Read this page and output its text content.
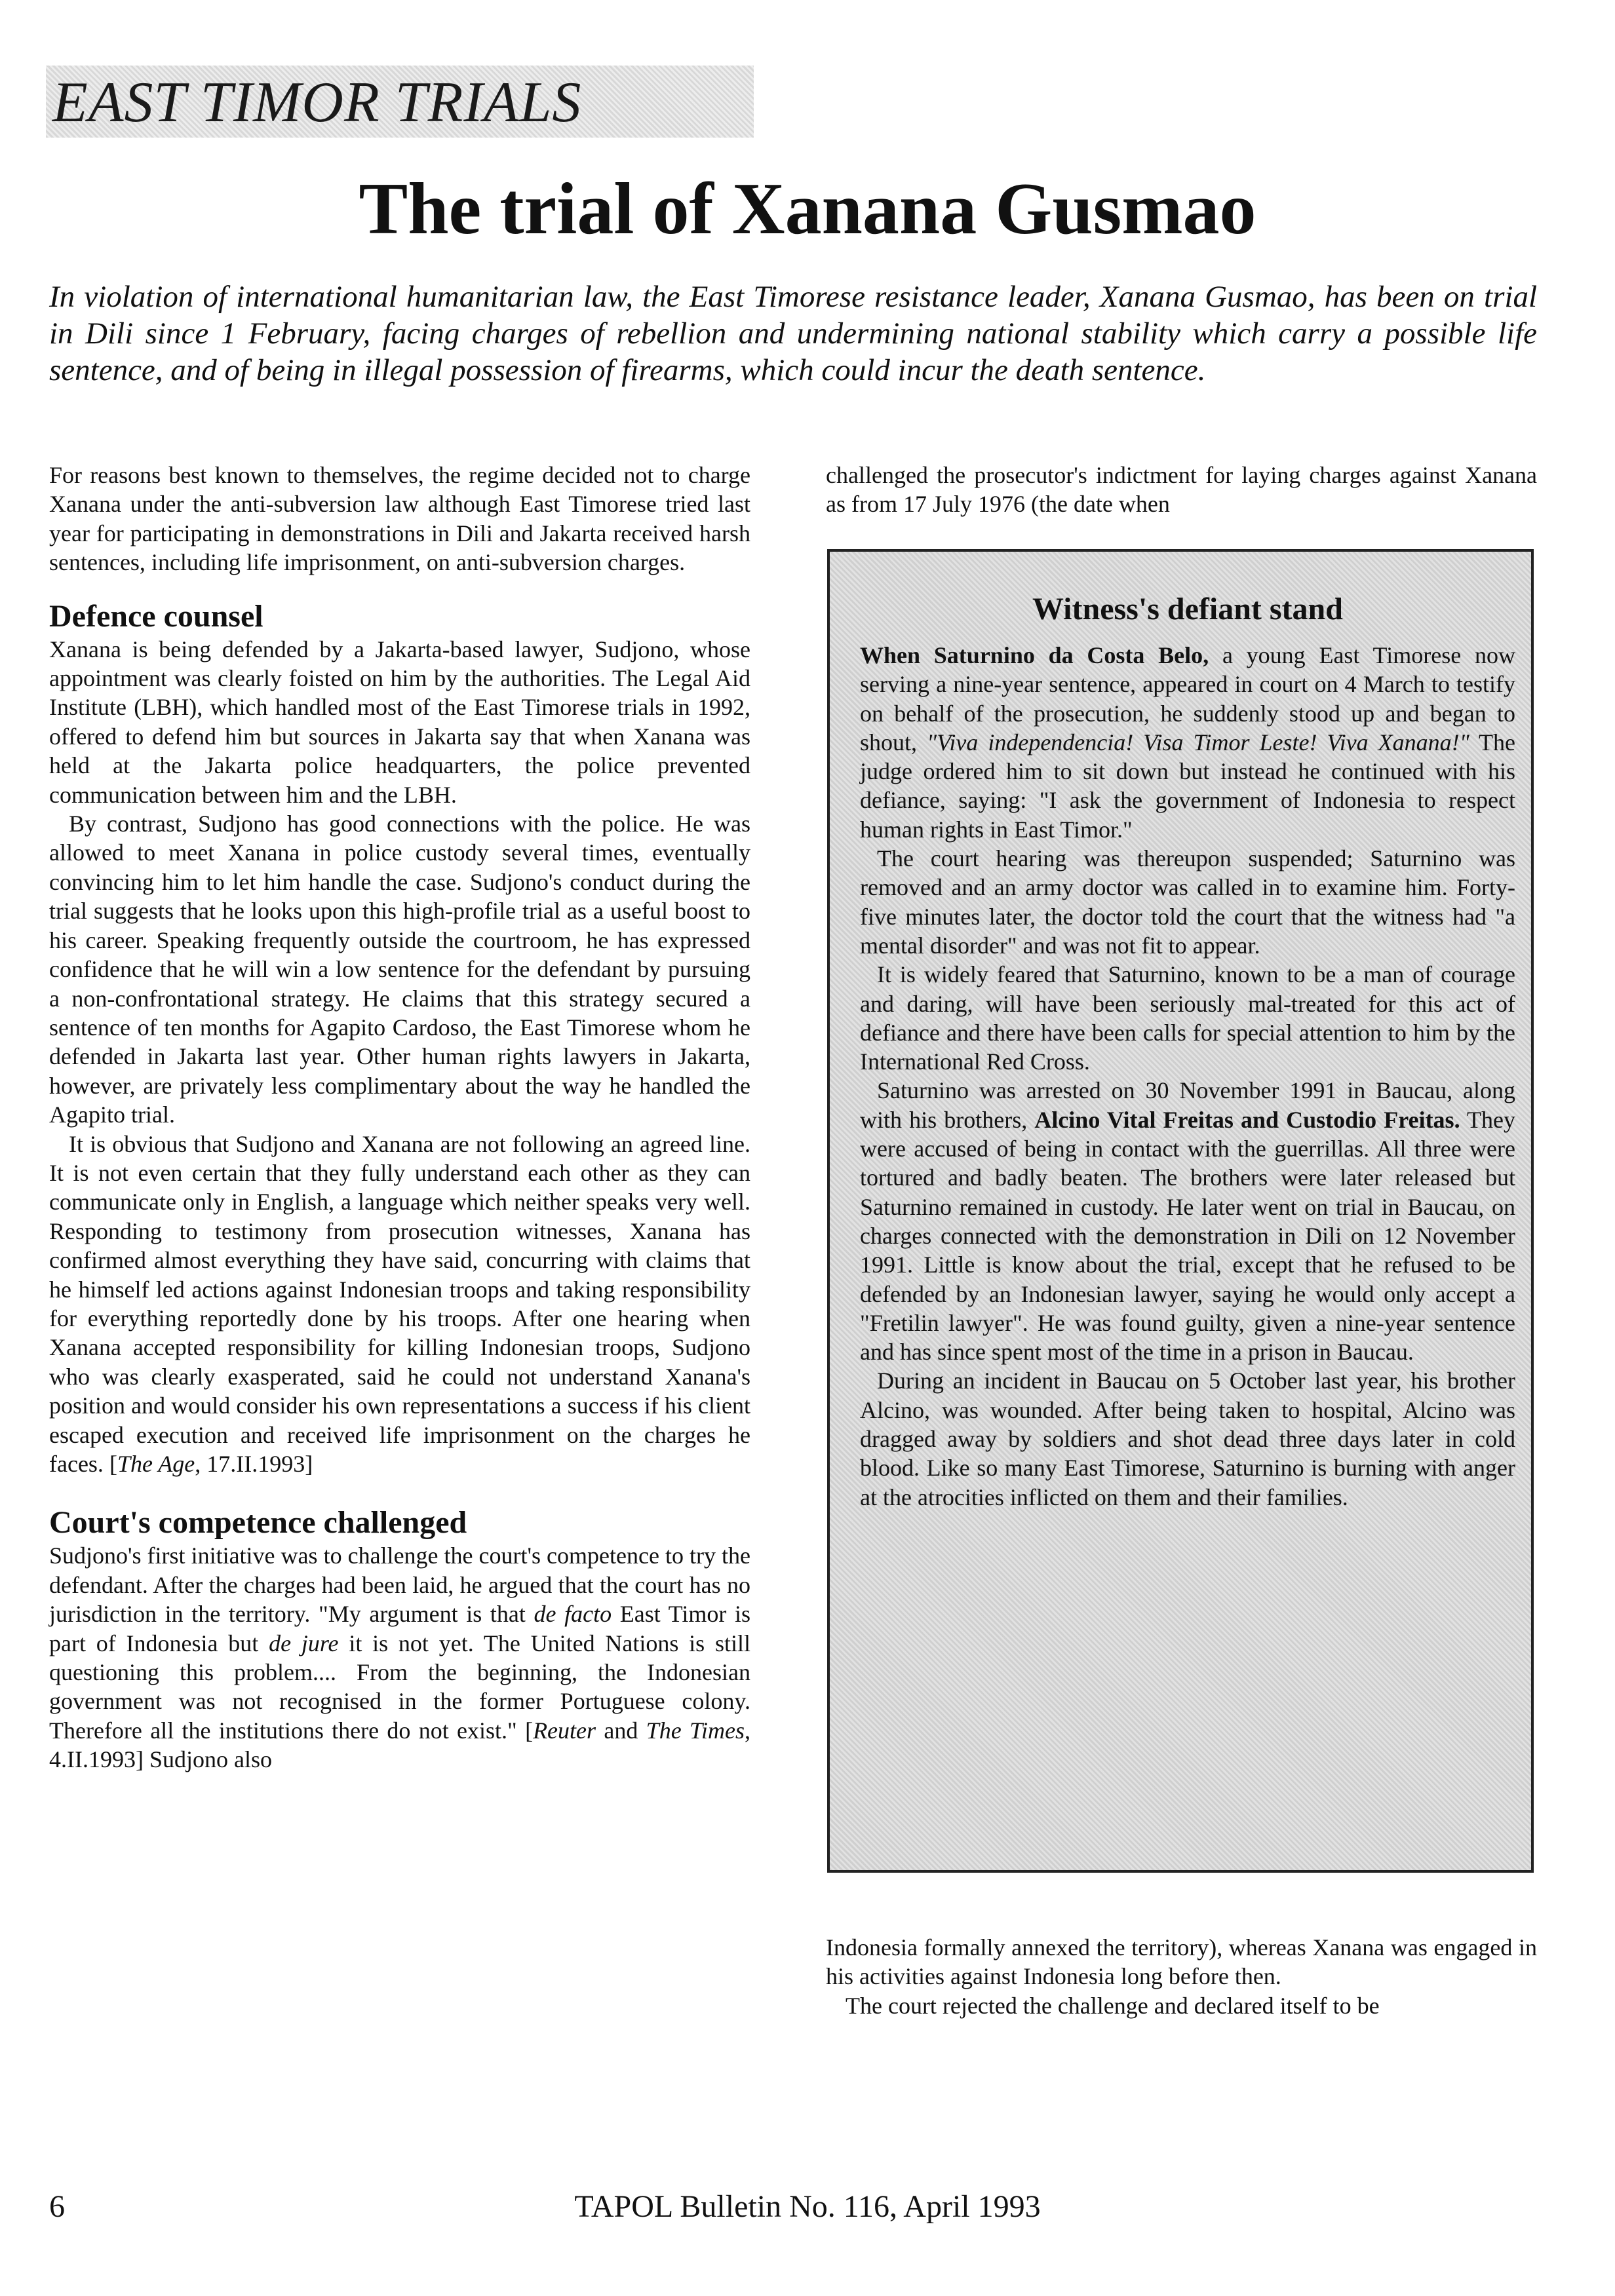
EAST TIMOR TRIALS
The trial of Xanana Gusmao

In violation of international humanitarian law, the East Timorese resistance leader, Xanana Gusmao, has been on trial in Dili since 1 February, facing charges of rebellion and undermining national stability which carry a possible life sentence, and of being in illegal possession of firearms, which could incur the death sentence.

For reasons best known to themselves, the regime decided not to charge Xanana under the anti-subversion law although East Timorese tried last year for participating in demonstrations in Dili and Jakarta received harsh sentences, including life imprisonment, on anti-subversion charges.

Defence counsel

Xanana is being defended by a Jakarta-based lawyer, Sudjono, whose appointment was clearly foisted on him by the authorities. The Legal Aid Institute (LBH), which handled most of the East Timorese trials in 1992, offered to defend him but sources in Jakarta say that when Xanana was held at the Jakarta police headquarters, the police prevented communication between him and the LBH.

By contrast, Sudjono has good connections with the police. He was allowed to meet Xanana in police custody several times, eventually convincing him to let him handle the case. Sudjono's conduct during the trial suggests that he looks upon this high-profile trial as a useful boost to his career. Speaking frequently outside the courtroom, he has expressed confidence that he will win a low sentence for the defendant by pursuing a non-confrontational strategy. He claims that this strategy secured a sentence of ten months for Agapito Cardoso, the East Timorese whom he defended in Jakarta last year. Other human rights lawyers in Jakarta, however, are privately less complimentary about the way he handled the Agapito trial.

It is obvious that Sudjono and Xanana are not following an agreed line. It is not even certain that they fully understand each other as they can communicate only in English, a language which neither speaks very well. Responding to testimony from prosecution witnesses, Xanana has confirmed almost everything they have said, concurring with claims that he himself led actions against Indonesian troops and taking responsibility for everything reportedly done by his troops. After one hearing when Xanana accepted responsibility for killing Indonesian troops, Sudjono who was clearly exasperated, said he could not understand Xanana's position and would consider his own representations a success if his client escaped execution and received life imprisonment on the charges he faces. [The Age, 17.II.1993]

Court's competence challenged

Sudjono's first initiative was to challenge the court's competence to try the defendant. After the charges had been laid, he argued that the court has no jurisdiction in the territory. "My argument is that de facto East Timor is part of Indonesia but de jure it is not yet. The United Nations is still questioning this problem.... From the beginning, the Indonesian government was not recognised in the former Portuguese colony. Therefore all the institutions there do not exist." [Reuter and The Times, 4.II.1993] Sudjono also

challenged the prosecutor's indictment for laying charges against Xanana as from 17 July 1976 (the date when

Witness's defiant stand

When Saturnino da Costa Belo, a young East Timorese now serving a nine-year sentence, appeared in court on 4 March to testify on behalf of the prosecution, he suddenly stood up and began to shout, "Viva independencia! Visa Timor Leste! Viva Xanana!" The judge ordered him to sit down but instead he continued with his defiance, saying: "I ask the government of Indonesia to respect human rights in East Timor."

The court hearing was thereupon suspended; Saturnino was removed and an army doctor was called in to examine him. Forty-five minutes later, the doctor told the court that the witness had "a mental disorder" and was not fit to appear.

It is widely feared that Saturnino, known to be a man of courage and daring, will have been seriously mal-treated for this act of defiance and there have been calls for special attention to him by the International Red Cross.

Saturnino was arrested on 30 November 1991 in Baucau, along with his brothers, Alcino Vital Freitas and Custodio Freitas. They were accused of being in contact with the guerrillas. All three were tortured and badly beaten. The brothers were later released but Saturnino remained in custody. He later went on trial in Baucau, on charges connected with the demonstration in Dili on 12 November 1991. Little is know about the trial, except that he refused to be defended by an Indonesian lawyer, saying he would only accept a "Fretilin lawyer". He was found guilty, given a nine-year sentence and has since spent most of the time in a prison in Baucau.

During an incident in Baucau on 5 October last year, his brother Alcino, was wounded. After being taken to hospital, Alcino was dragged away by soldiers and shot dead three days later in cold blood. Like so many East Timorese, Saturnino is burning with anger at the atrocities inflicted on them and their families.

Indonesia formally annexed the territory), whereas Xanana was engaged in his activities against Indonesia long before then.

The court rejected the challenge and declared itself to be

6	TAPOL Bulletin No. 116, April 1993
